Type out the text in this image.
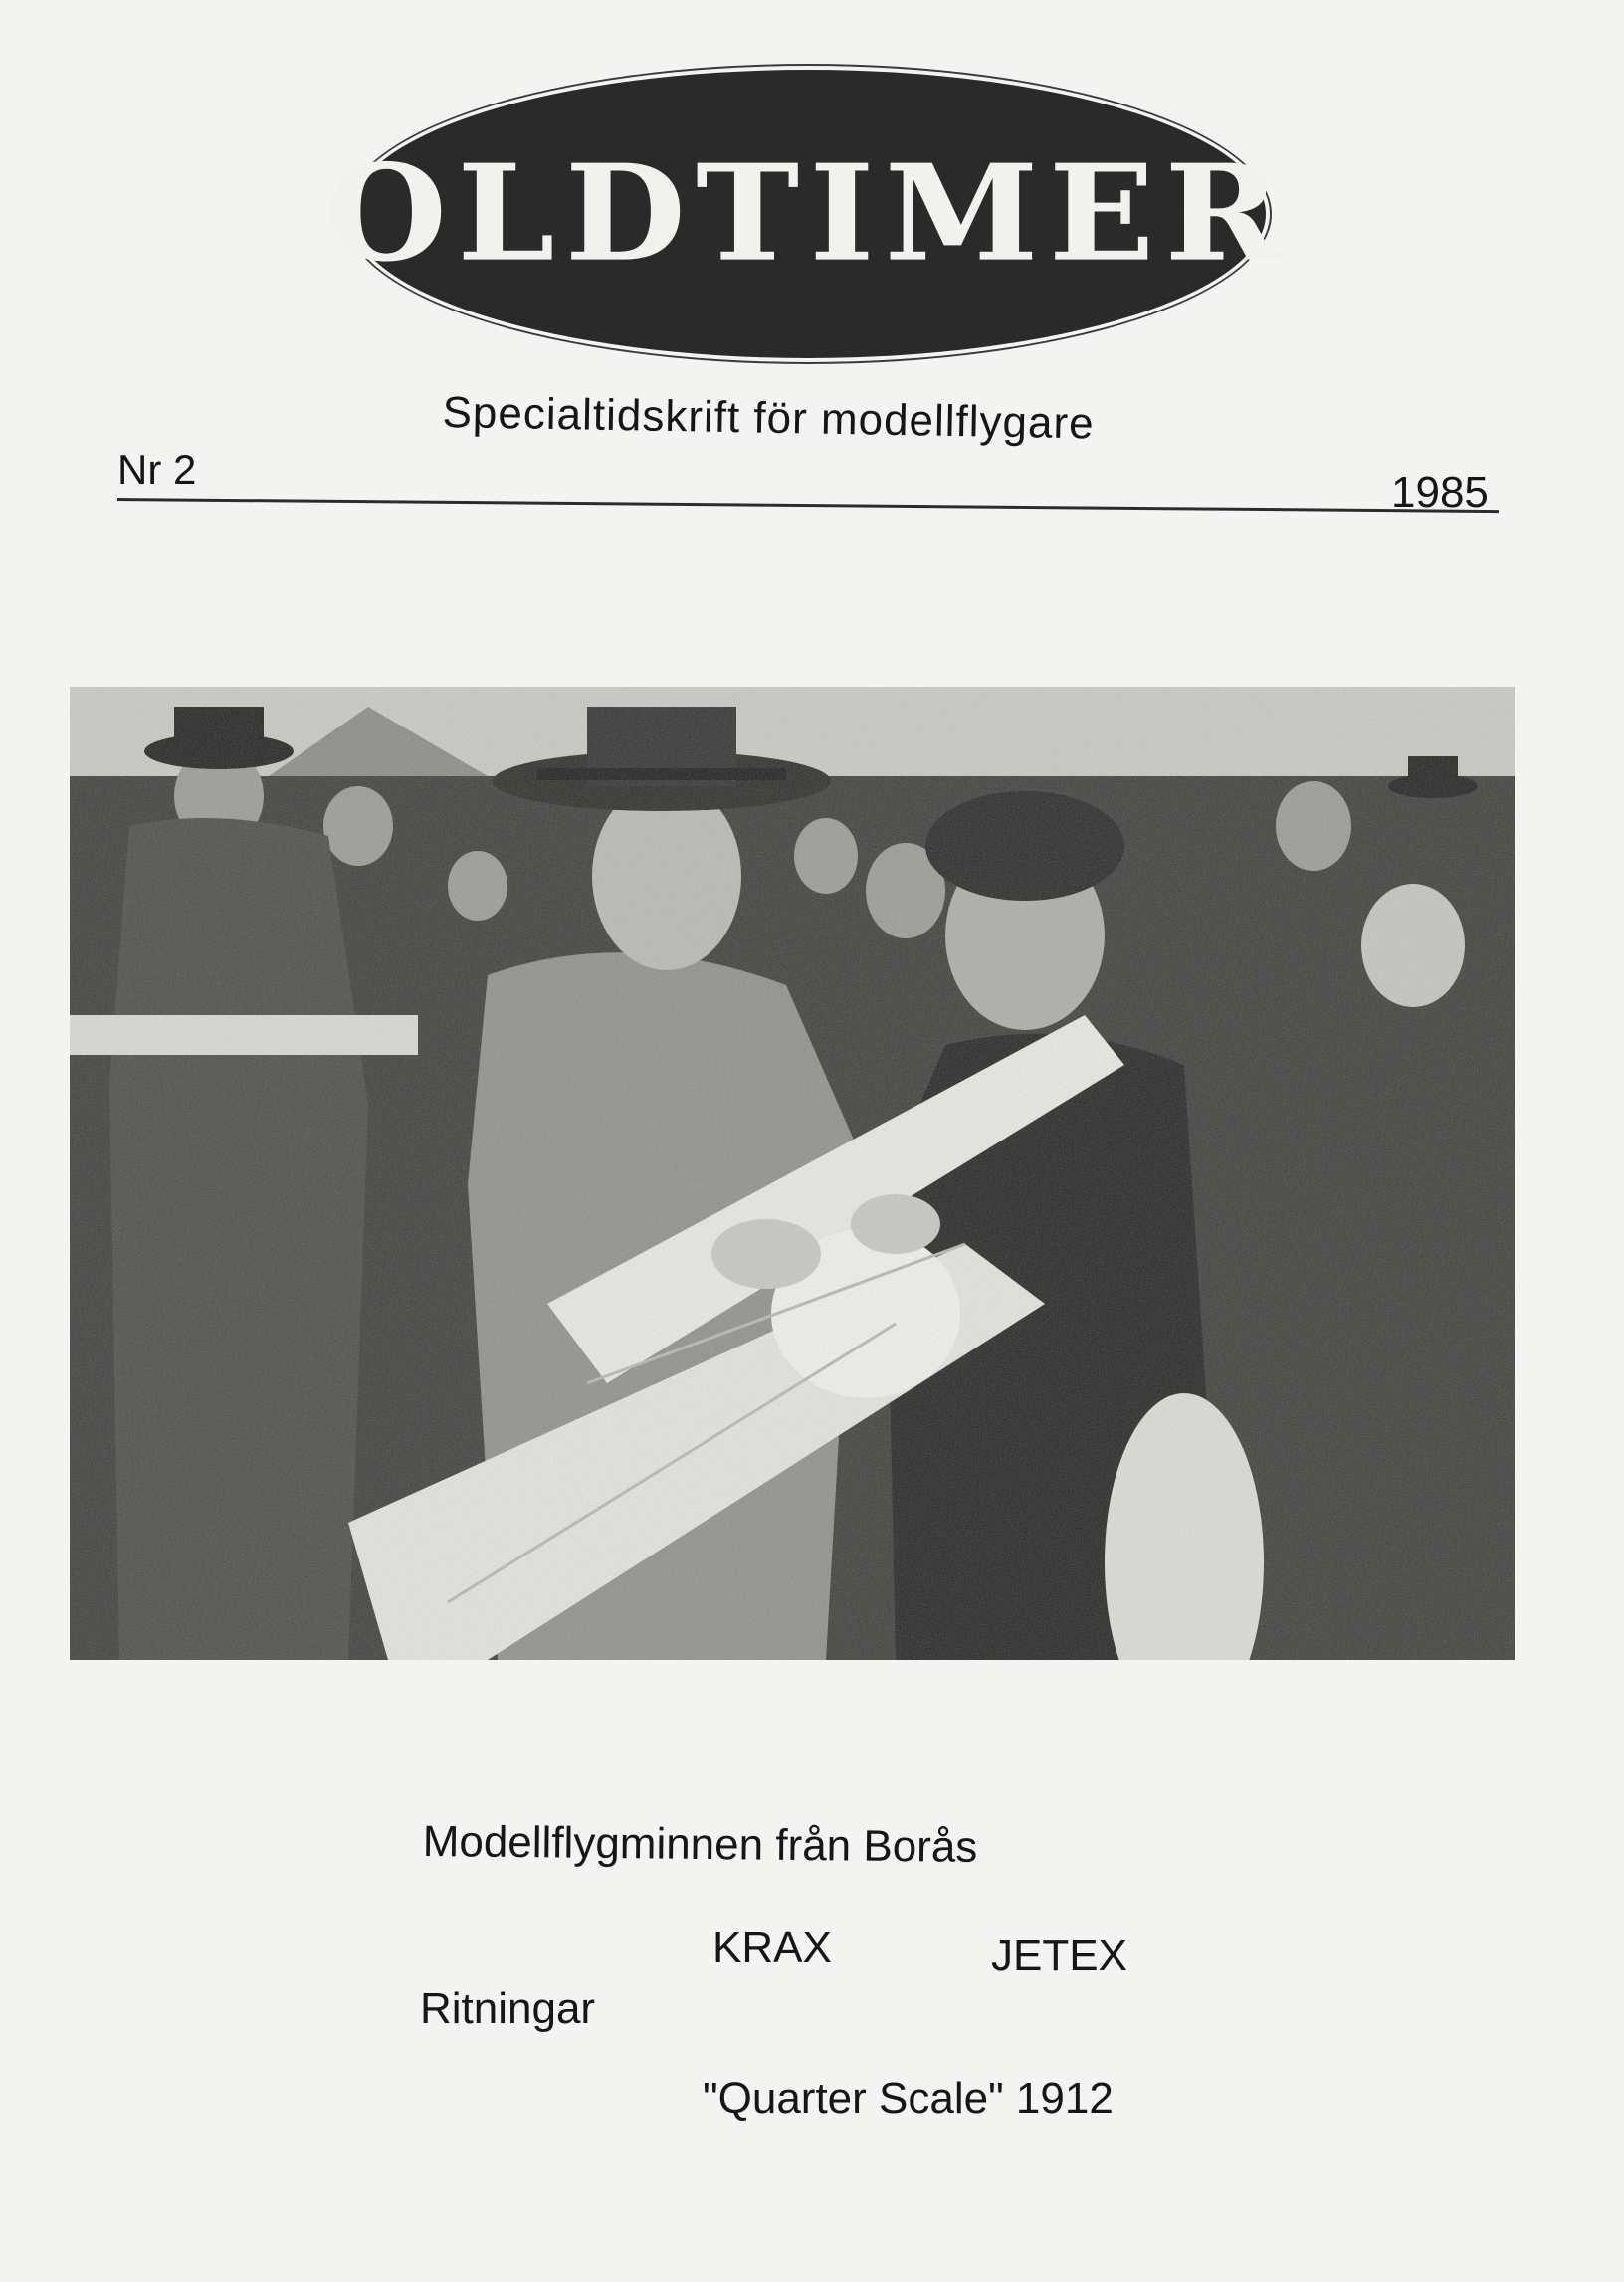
OLDTIMER
Specialtidskrift för modellflygare
Nr 2	1985
Modellflygminnen från Borås
KRAX	JETEX
Ritningar
"Quarter Scale" 1912
